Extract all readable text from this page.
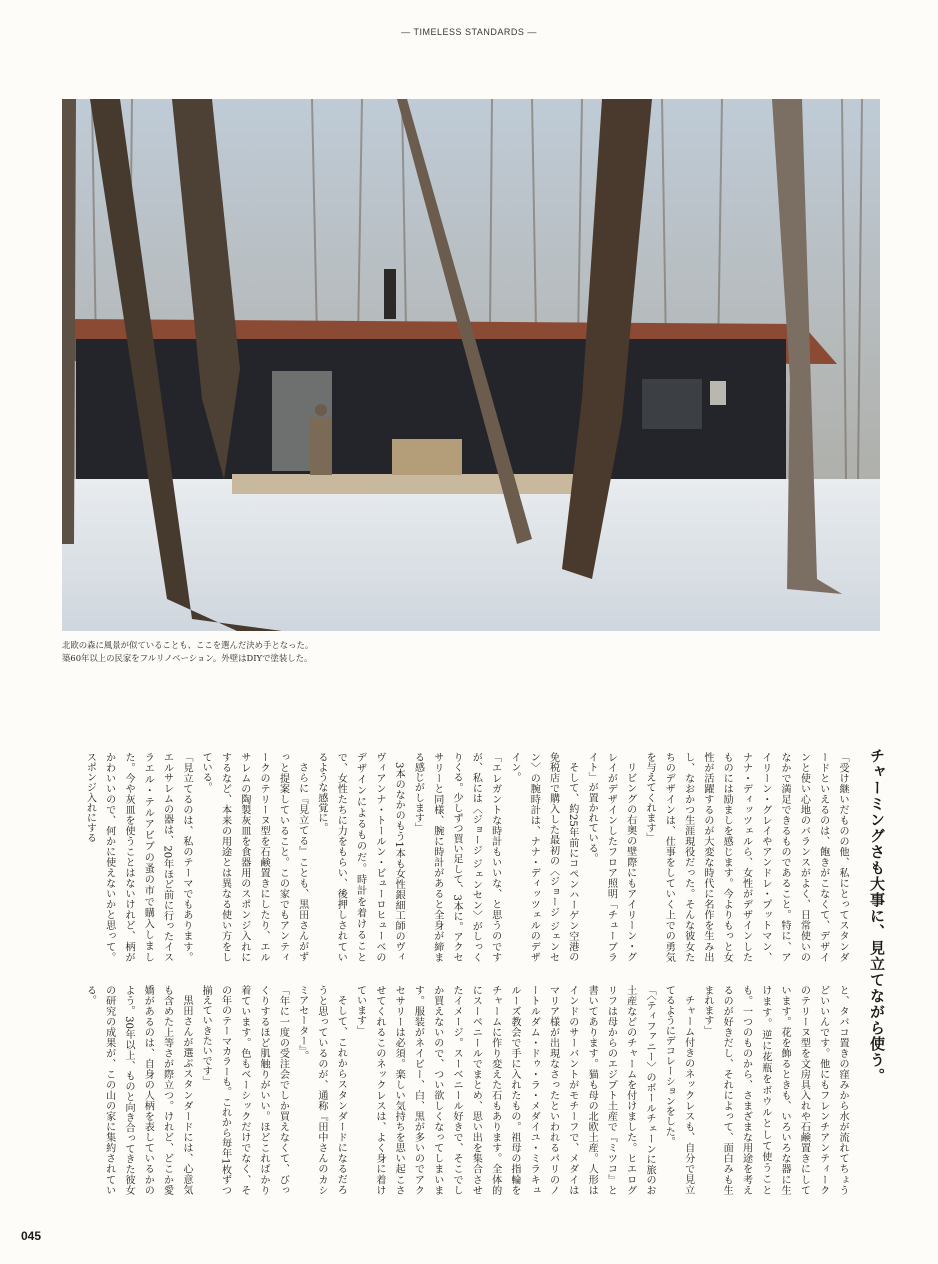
— TIMELESS STANDARDS —
北欧の森に風景が似ていることも、ここを選んだ決め手となった。
築60年以上の民家をフルリノベーション。外壁はDIYで塗装した。
チャーミングさも大事に、見立てながら使う。

「受け継いだものの他、私にとってスタンダードといえるのは、飽きがこなくて、デザインと使い心地のバランスがよく、日常使いのなかで満足できるものであること。特に、アイリーン・グレイやアンドレ・プットマン、ナナ・ディッツェルら、女性がデザインしたものには励ましを感じます。今よりもっと女性が活躍するのが大変な時代に名作を生み出し、なおかつ生涯現役だった。そんな彼女たちのデザインは、仕事をしていく上での勇気を与えてくれます」

リビングの右奥の壁際にもアイリーン・グレイがデザインしたフロア照明「チューブライト」が置かれている。

そして、約25年前にコペンハーゲン空港の免税店で購入した最初の〈ジョージ ジェンセン〉の腕時計は、ナナ・ディッツェルのデザイン。

「エレガントな時計もいいな、と思うのですが、私には〈ジョージ ジェンセン〉がしっくりくる。少しずつ買い足して、3本に。アクセサリーと同様、腕に時計があると全身が締まる感じがします」

3本のなかのもう1本も女性銀細工師のヴィヴィアンナ・トールン・ビューロヒューベのデザインによるものだ。時計を着けることで、女性たちに力をもらい、後押しされているような感覚に。

さらに『見立てる』ことも、黒田さんがずっと提案していること。この家でもアンティークのテリーヌ型を石鹸置きにしたり、エルサレムの陶製灰皿を食器用のスポンジ入れにするなど、本来の用途とは異なる使い方をしている。

「見立てるのは、私のテーマでもあります。エルサレムの器は、20年ほど前に行ったイスラエル・テルアビブの蚤の市で購入しました。今や灰皿を使うことはないけれど、柄がかわいいので、何かに使えないかと思って。スポンジ入れにする

と、タバコ置きの窪みから水が流れてちょうどいいんです。他にもフレンチアンティークのテリーヌ型を文房具入れや石鹸置きにしています。花を飾るときも、いろいろな器に生けます。逆に花瓶をボウルとして使うことも。一つのものから、さまざまな用途を考えるのが好きだし、それによって、面白みも生まれます」

チャーム付きのネックレスも、自分で見立てるようにデコレーションをした。

「〈ティファニー〉のボールチェーンに旅のお土産などのチャームを付けました。ヒエログリフは母からのエジプト土産で『ミツコ』と書いてあります。猫も母の北欧土産。人形はインドのサーバントがモチーフで、メダイはマリア様が出現なさったといわれるパリのノートルダム・ドゥ・ラ・メダイユ・ミラキュルーズ教会で手に入れたもの。祖母の指輪をチャームに作り変えた石もあります。全体的にスーベニールでまとめ、思い出を集合させたイメージ。スーベニール好きで、そこでしか買えないので、つい欲しくなってしまいます。服装がネイビー、白、黒が多いのでアクセサリーは必須。楽しい気持ちを思い起こさせてくれるこのネックレスは、よく身に着けています」

そして、これからスタンダードになるだろうと思っているのが、通称『田中さんのカシミアセーター』。

「年に一度の受注会でしか買えなくて、びっくりするほど肌触りがいい。ほどこればかり着ています。色もベーシックだけでなく、その年のテーマカラーも。これから毎年1枚ずつ揃えていきたいです」

黒田さんが選ぶスタンダードには、心意気も含めた上等さが際立つ。けれど、どこか愛嬌があるのは、自身の人柄を表しているかのよう。30年以上、ものと向き合ってきた彼女の研究の成果が、この山の家に集約されている。

045
